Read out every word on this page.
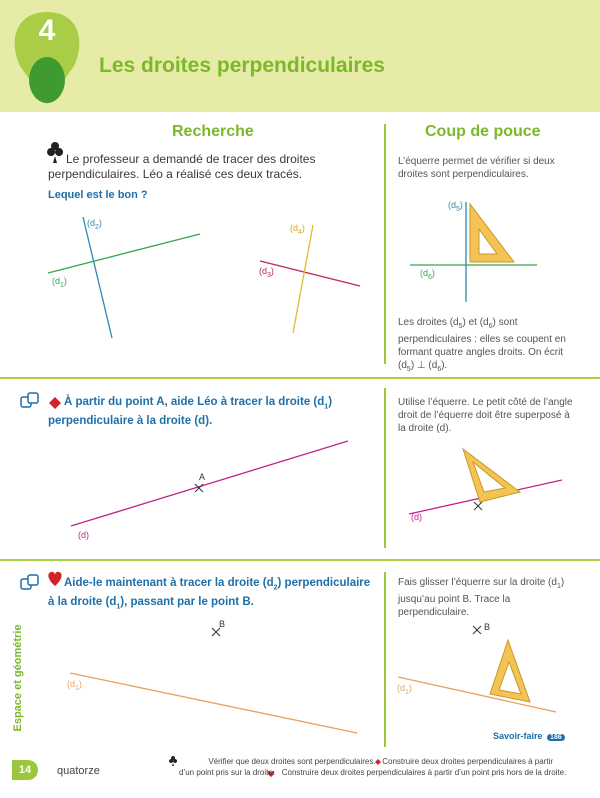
4
Les droites perpendiculaires
Recherche
Le professeur a demandé de tracer des droites perpendiculaires. Léo a réalisé ces deux tracés.
Lequel est le bon ?
$(d_2)$
$(d_1)$
$(d_4)$
$(d_3)$
Coup de pouce
L’équerre permet de vérifier si deux droites sont perpendiculaires.
$(d_5)$
$(d_6)$
Les droites $(d_5)$ et $(d_6)$ sont perpendiculaires : elles se coupent en formant quatre angles droits. On écrit $(d_5)$ ⊥ $(d_6)$.
À partir du point A, aide Léo à tracer la droite $(d_1)$ perpendiculaire à la droite (d).
A
(d)
Utilise l’équerre. Le petit côté de l’angle droit de l’équerre doit être superposé à la droite (d).
(d)
Aide-le maintenant à tracer la droite $(d_2)$ perpendiculaire à la droite $(d_1)$, passant par le point B.
B
$(d_1)$
Fais glisser l’équerre sur la droite $(d_1)$ jusqu’au point B. Trace la perpendiculaire.
B
$(d_1)$
Savoir-faire 186
Espace et géométrie
14	quatorze
Vérifier que deux droites sont perpendiculaires. Construire deux droites perpendiculaires à partir
d’un point pris sur la droite. Construire deux droites perpendiculaires à partir d’un point pris hors de la droite.
